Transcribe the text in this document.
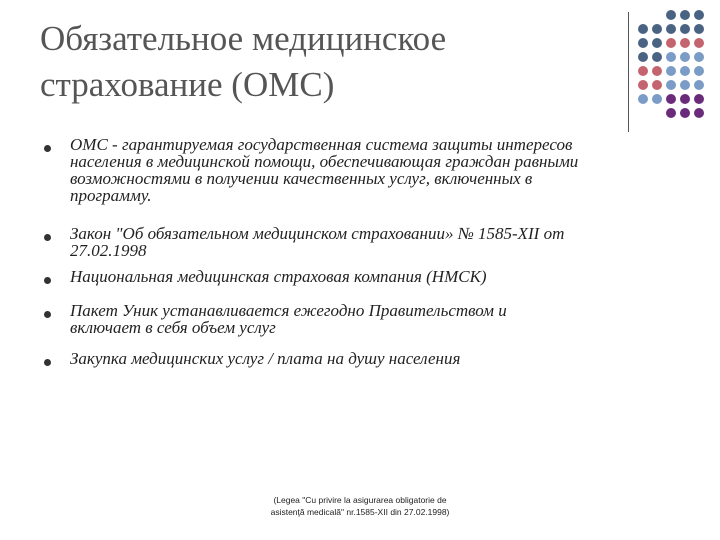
Обязательное медицинское
страхование (ОМС)
ОМС - гарантируемая государственная система защиты интересов
населения в медицинской помощи, обеспечивающая граждан равными
возможностями в получении качественных услуг, включенных в
программу.
Закон "Об обязательном медицинском страховании» № 1585-XII от
27.02.1998
Национальная медицинская страховая компания (НМСК)
Пакет Уник устанавливается ежегодно Правительством и
включает в себя объем услуг
Закупка медицинских услуг / плата на душу населения
(Legea "Cu privire la asigurarea obligatorie de
asistenţă medicală" nr.1585-XII din 27.02.1998)
